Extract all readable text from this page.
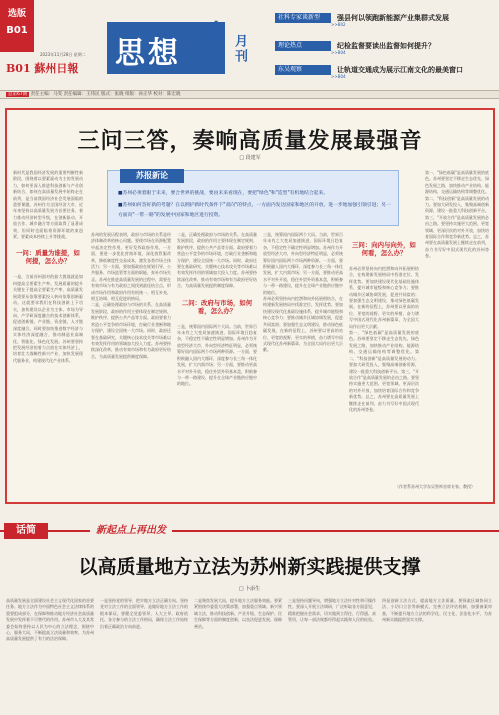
选版
B01
2023年11月28日 星期二
B01 蘇州日報 思想
+
月刊
社科专家谈新型	强县何以领跑新能源产业集群式发展
>>B02
理论热点	纪检监督要读出监督如何提升？
>>B04
东吴观察	让轨道交通成为展示江南文化的最美窗口
>>B04
总第67期 责任主编：马雯 责任编辑：王伟民 版式：张晓 组版：孙正华 校对：陈宏晓
三问三答，奏响高质量发展最强音
□ 段建军
新时代是我国经济发展的重要判断性新阶段，围绕着以要素驱动为主的发展动力，如何更深入推进科技创新与产业创新结合，如何在高质量发展中始终走在前列，是当前我国经济社会发展面临的重要课题。苏州作为全国经济大市，近年来坚持以高质量发展为首要任务，着力推动经济转型升级，在创新驱动、开放合作、城乡融合等方面取得了显著成效，但同时也面临着资源环境约束趋紧、要素成本持续上升等挑战。
一问：质量为谁提，如何提，怎么办？
一是，当前苏州面对的最大挑战就是如何提高全要素生产率。发展质量的提升关键在于提高全要素生产率，高质量发展需要从依靠要素投入转向依靠创新驱动。这就要求我们在科技创新上下功夫，加快建设以企业为主体、市场为导向、产学研深度融合的技术创新体系，促进创新链、产业链、资金链、人才链深度融合。同时要加快推进数字经济与实体经济深度融合，推动制造业高端化、智能化、绿色化发展。苏州要坚持把发展经济的着力点放在实体经济上，培育壮大战略性新兴产业，加快发展现代服务业，构建现代化产业体系。
苏州的发展历程表明，政府与市场的关系是经济体制改革的核心问题。要使市场在资源配置中起决定性作用，更好发挥政府作用。一方面，要进一步优化营商环境，深化放管服改革，降低制度性交易成本，激发各类市场主体活力；另一方面，要加强政府在规划引导、公共服务、市场监管等方面的职能，弥补市场失灵。苏州在推进高质量发展的过程中，需要在有效市场与有为政府之间找到最佳结合点，形成市场作用和政府作用有机统一、相互补充、相互协调、相互促进的格局。
二是，正确处理政府与市场的关系。在高质量发展阶段，政府的作用主要体现在制定规则、维护秩序、提供公共产品等方面。政府要着力营造公平竞争的市场环境，打破行业垄断和地方保护，建设全国统一大市场。同时，政府还要在基础研究、关键核心技术攻关等市场难以有效发挥作用的领域加大投入力度。苏州要持续深化改革，推动有效市场和有为政府更好结合，为高质量发展提供制度保障。
二是，正确处理政府与市场的关系。在高质量发展阶段，政府的作用主要体现在制定规则、维护秩序、提供公共产品等方面。政府要着力营造公平竞争的市场环境，打破行业垄断和地方保护，建设全国统一大市场。同时，政府还要在基础研究、关键核心技术攻关等市场难以有效发挥作用的领域加大投入力度。苏州要持续深化改革，推动有效市场和有为政府更好结合，为高质量发展提供制度保障。
二问：改府与市场，如何看，怎么办？
三是，统筹国内国际两个大局。当前，世界百年未有之大变局加速演进，国际环境日趋复杂，不稳定性不确定性明显增加。苏州作为开放型经济大市，外向型经济特征明显，必须统筹好国内国际两个市场两种资源。一方面，要积极融入国内大循环，深度参与长三角一体化发展，扩大内需市场；另一方面，要推动更高水平对外开放，稳住外贸外资基本盘，积极参与一带一路建设，提升在全球产业链供应链中的地位。
三是，统筹国内国际两个大局。当前，世界百年未有之大变局加速演进，国际环境日趋复杂，不稳定性不确定性明显增加。苏州作为开放型经济大市，外向型经济特征明显，必须统筹好国内国际两个市场两种资源。一方面，要积极融入国内大循环，深度参与长三角一体化发展，扩大内需市场；另一方面，要推动更高水平对外开放，稳住外贸外资基本盘，积极参与一带一路建设，提升在全球产业链供应链中的地位。
苏州必须坚持向内挖潜和向外拓展相结合，在构建新发展格局中找准定位、发挥优势。要加快建设现代化基础设施体系，提升城市能级和核心竞争力；要推动城乡区域协调发展，促进共同富裕；要加强生态文明建设，推动绿色低碳发展。在新的征程上，苏州要以更高的站位、更宽的视野、更实的举措，奋力谱写中国式现代化苏州新篇章，为全国大局作出更大贡献。
三问：向内与向外，如何看，怎么办？
苏州必须坚持向内挖潜和向外拓展相结合，在构建新发展格局中找准定位、发挥优势。要加快建设现代化基础设施体系，提升城市能级和核心竞争力；要推动城乡区域协调发展，促进共同富裕；要加强生态文明建设，推动绿色低碳发展。在新的征程上，苏州要以更高的站位、更宽的视野、更实的举措，奋力谱写中国式现代化苏州新篇章，为全国大局作出更大贡献。
第一，"绿色低碳"是高质量发展的底色。苏州要坚定不移走生态优先、绿色发展之路，加快推动产业结构、能源结构、交通运输结构等调整优化。第二，"科技创新"是高质量发展的动力。要加大研发投入，集聚高端创新资源，建设一批重大科技创新平台。第三，"开放合作"是高质量发展的必由之路。要坚持实施更大范围、更宽领域、更深层次的对外开放，加快培育国际合作和竞争新优势。总之，苏州要在高质量发展上继续走在前列，奋力书写好中国式现代化的苏州答卷。
第一，"绿色低碳"是高质量发展的底色。苏州要坚定不移走生态优先、绿色发展之路，加快推动产业结构、能源结构、交通运输结构等调整优化。第二，"科技创新"是高质量发展的动力。要加大研发投入，集聚高端创新资源，建设一批重大科技创新平台。第三，"开放合作"是高质量发展的必由之路。要坚持实施更大范围、更宽领域、更深层次的对外开放，加快培育国际合作和竞争新优势。总之，苏州要在高质量发展上继续走在前列，奋力书写好中国式现代化的苏州答卷。
（作者系苏州大学东吴智库首席专家、教授）
苏报新论
■苏州必须着眼于未来，要合世界的挑战，要由未来看现在，要把"绿色"和"造型"有机地结合起来。
■苏州如何答好新的考题？在以拥护新时代条件下"双向"的特点，一方面内发达国家和地区的开放，进一步地加强引领引进；另一
方面向"一带一路"的发展中国家和地区进行投资。
话简	新起点上再出发
以高质量地方立法为苏州新实践提供支撑
□ 卜添生
高质量发展是全面建设社会主义现代化国家的首要任务。地方立法作为中国特色社会主义法律体系的重要组成部分，在保障和推动地方经济社会高质量发展中发挥着不可替代的作用。苏州市人大及其常委会始终坚持以人民为中心的立法理念，围绕中心、服务大局，不断提高立法质量和效率，为苏州高质量发展提供了有力的法治保障。
一是坚持党的领导，把牢地方立法正确方向。坚持党对立法工作的全面领导，是做好地方立法工作的根本保证。要健全党委领导、人大主导、政府依托、各方参与的立法工作格局，确保立法工作始终沿着正确政治方向前进。
二是聚焦发展大局，提升地方立法服务效能。要紧紧围绕市委重大决策部署，加强重点领域、新兴领域立法，推动科技创新、产业升级、生态保护、民生保障等方面的制度创新，以良法促进发展、保障善治。
三是坚持问题导向，增强地方立法针对性和可操作性。要深入开展立法调研，广泛听取各方面意见，精准把握社会需求，切实做到立得住、行得通、真管用，让每一部法规都经得起实践和人民的检验。
四是创新立法方式，提高地方立法质量。要探索区域协同立法、小切口立法等新模式，完善立法评估机制，加强备案审查，不断提升地方立法的科学化、民主化、法治化水平，为苏州新实践提供坚实支撑。
